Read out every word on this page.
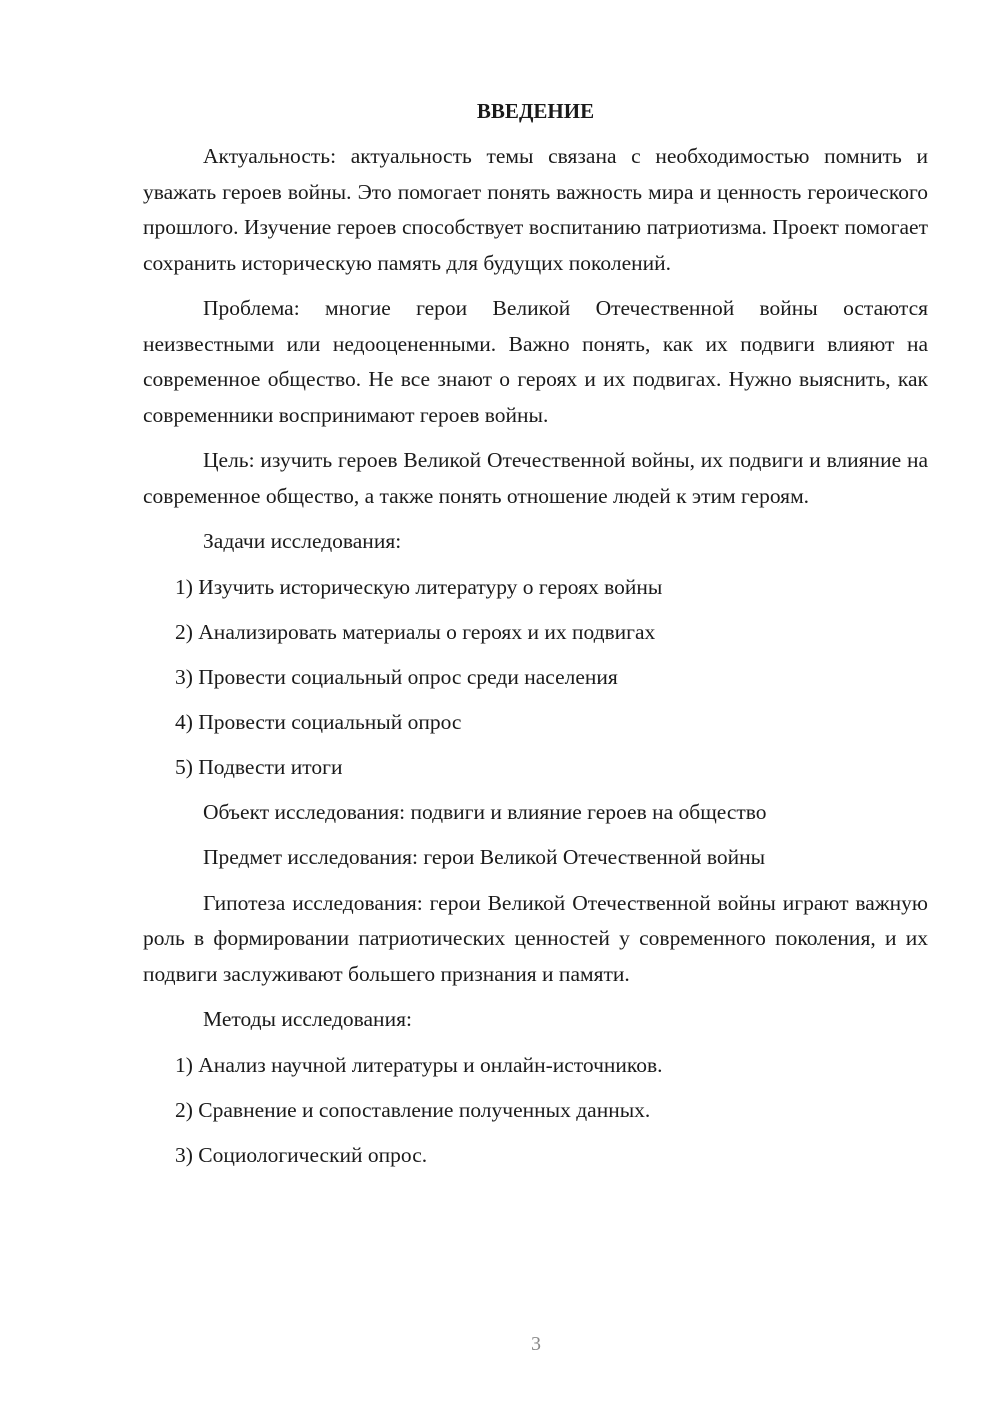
ВВЕДЕНИЕ

Актуальность: актуальность темы связана с необходимостью помнить и уважать героев войны. Это помогает понять важность мира и ценность героического прошлого. Изучение героев способствует воспитанию патриотизма. Проект помогает сохранить историческую память для будущих поколений.

Проблема: многие герои Великой Отечественной войны остаются неизвестными или недооцененными. Важно понять, как их подвиги влияют на современное общество. Не все знают о героях и их подвигах. Нужно выяснить, как современники воспринимают героев войны.

Цель: изучить героев Великой Отечественной войны, их подвиги и влияние на современное общество, а также понять отношение людей к этим героям.

Задачи исследования:

1) Изучить историческую литературу о героях войны
2) Анализировать материалы о героях и их подвигах
3) Провести социальный опрос среди населения
4) Провести социальный опрос
5) Подвести итоги

Объект исследования: подвиги и влияние героев на общество

Предмет исследования: герои Великой Отечественной войны

Гипотеза исследования: герои Великой Отечественной войны играют важную роль в формировании патриотических ценностей у современного поколения, и их подвиги заслуживают большего признания и памяти.

Методы исследования:

1) Анализ научной литературы и онлайн-источников.
2) Сравнение и сопоставление полученных данных.
3) Социологический опрос.
3
